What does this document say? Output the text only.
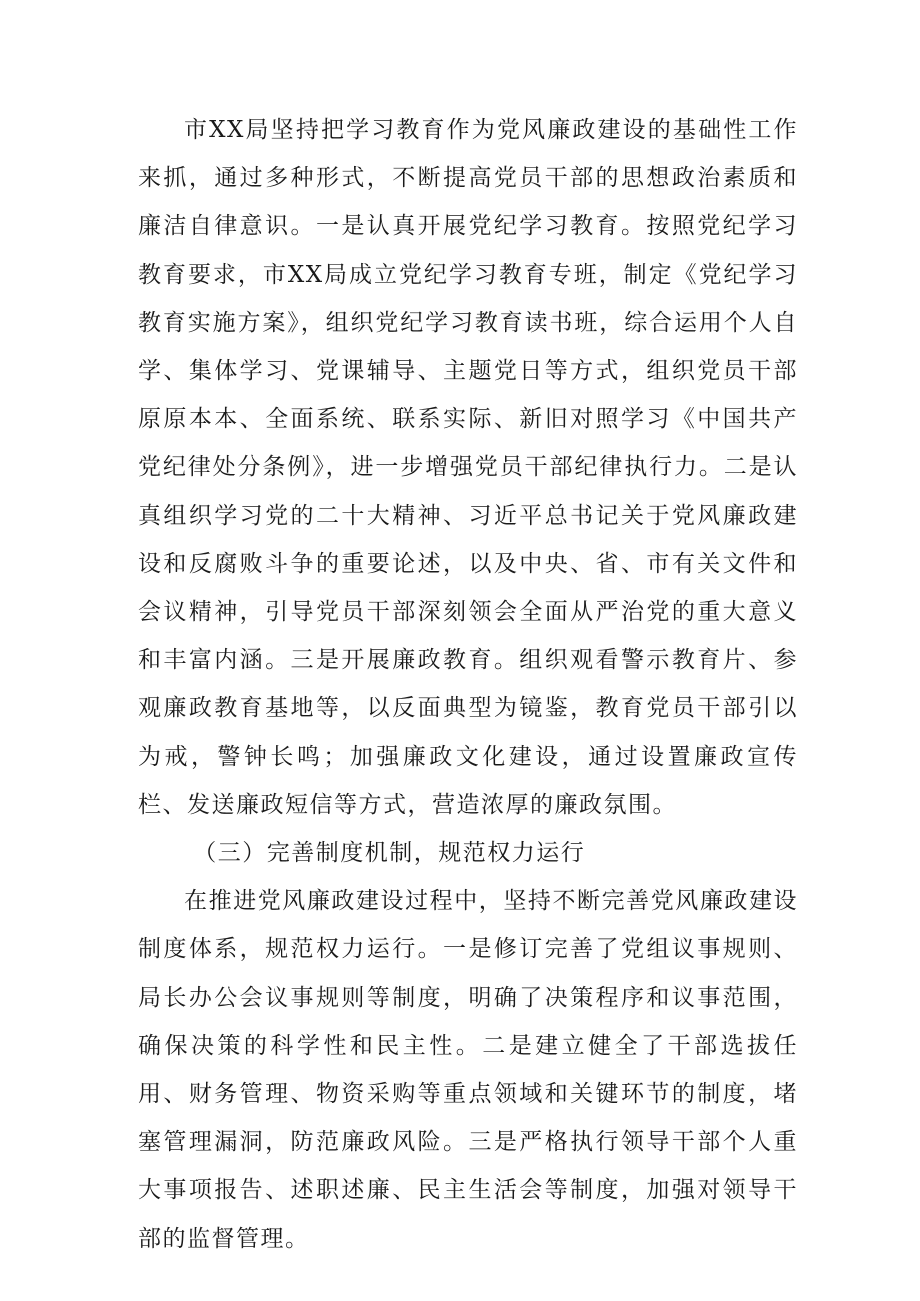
市XX局坚持把学习教育作为党风廉政建设的基础性工作来抓，通过多种形式，不断提高党员干部的思想政治素质和廉洁自律意识。一是认真开展党纪学习教育。按照党纪学习教育要求，市XX局成立党纪学习教育专班，制定《党纪学习教育实施方案》，组织党纪学习教育读书班，综合运用个人自学、集体学习、党课辅导、主题党日等方式，组织党员干部原原本本、全面系统、联系实际、新旧对照学习《中国共产党纪律处分条例》，进一步增强党员干部纪律执行力。二是认真组织学习党的二十大精神、习近平总书记关于党风廉政建设和反腐败斗争的重要论述，以及中央、省、市有关文件和会议精神，引导党员干部深刻领会全面从严治党的重大意义和丰富内涵。三是开展廉政教育。组织观看警示教育片、参观廉政教育基地等，以反面典型为镜鉴，教育党员干部引以为戒，警钟长鸣；加强廉政文化建设，通过设置廉政宣传栏、发送廉政短信等方式，营造浓厚的廉政氛围。

（三）完善制度机制，规范权力运行

在推进党风廉政建设过程中，坚持不断完善党风廉政建设制度体系，规范权力运行。一是修订完善了党组议事规则、局长办公会议事规则等制度，明确了决策程序和议事范围，确保决策的科学性和民主性。二是建立健全了干部选拔任用、财务管理、物资采购等重点领域和关键环节的制度，堵塞管理漏洞，防范廉政风险。三是严格执行领导干部个人重大事项报告、述职述廉、民主生活会等制度，加强对领导干部的监督管理。
